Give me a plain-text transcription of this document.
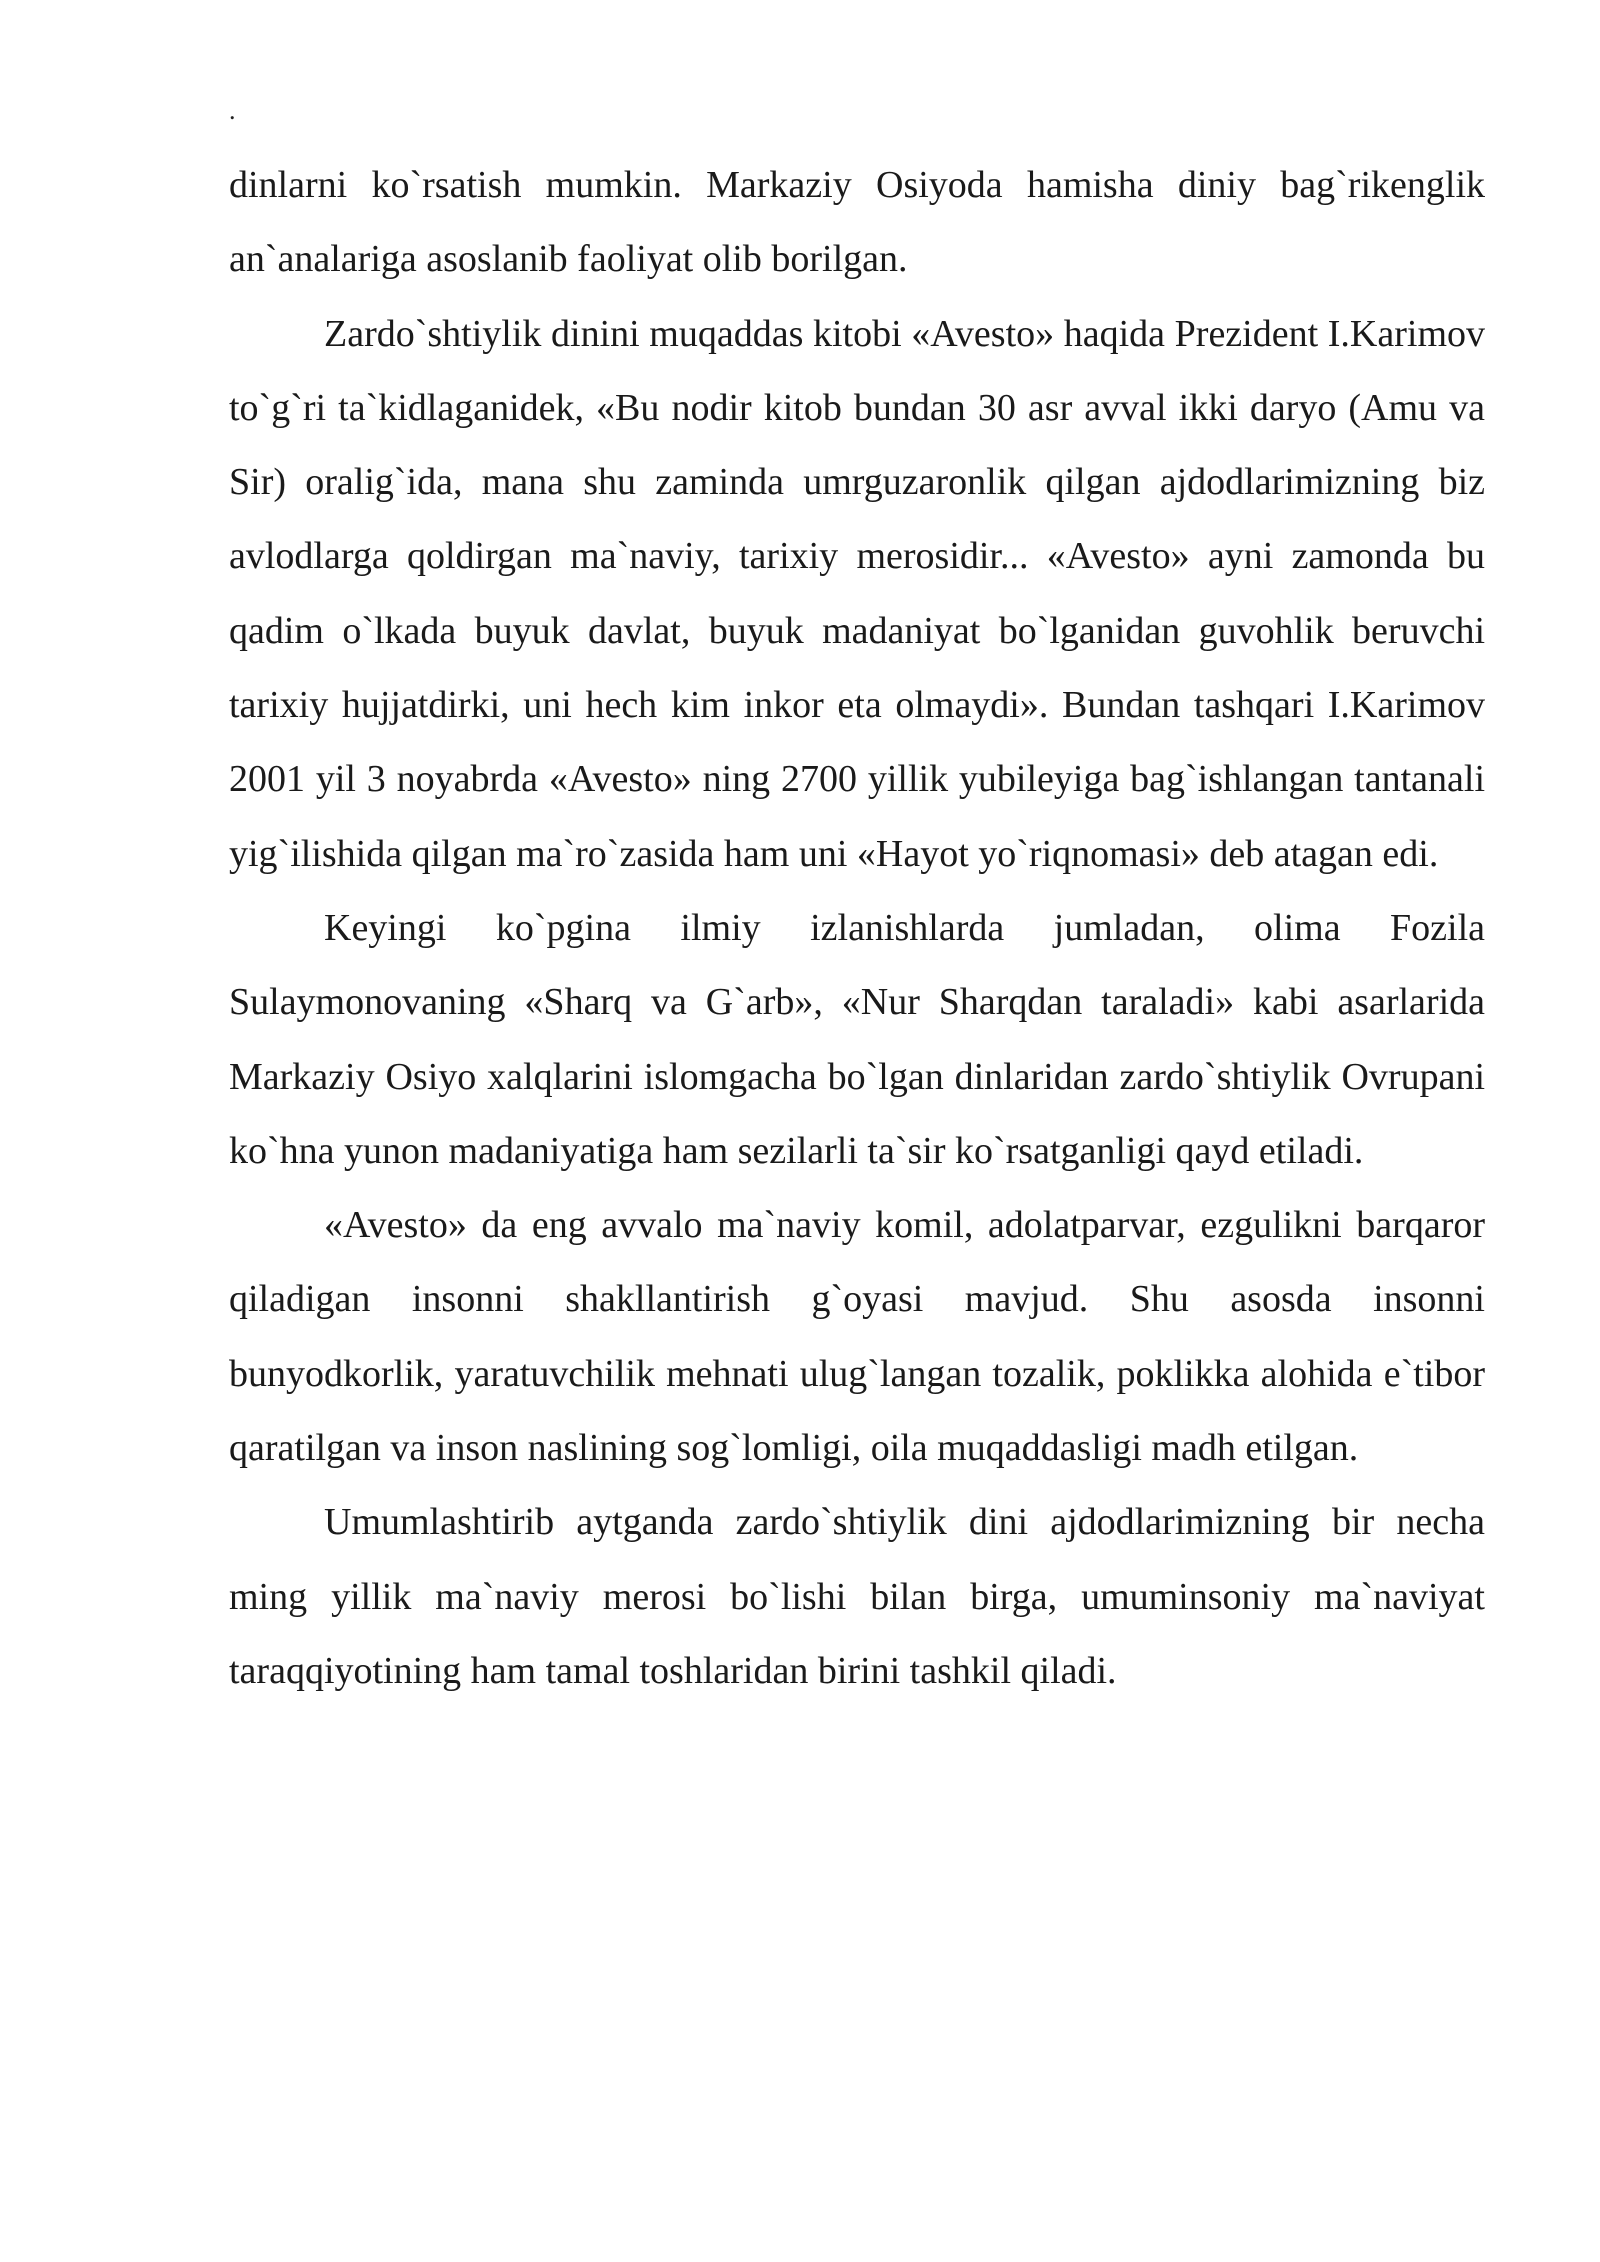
.

dinlarni ko`rsatish mumkin. Markaziy Osiyoda hamisha diniy bag`rikenglik an`analariga asoslanib faoliyat olib borilgan.

Zardo`shtiylik dinini muqaddas kitobi «Avesto» haqida Prezident I.Karimov to`g`ri ta`kidlaganidek, «Bu nodir kitob bundan 30 asr avval ikki daryo (Amu va Sir) oralig`ida, mana shu zaminda umrguzaronlik qilgan ajdodlarimizning biz avlodlarga qoldirgan ma`naviy, tarixiy merosidir... «Avesto» ayni zamonda bu qadim o`lkada buyuk davlat, buyuk madaniyat bo`lganidan guvohlik beruvchi tarixiy hujjatdirki, uni hech kim inkor eta olmaydi». Bundan tashqari I.Karimov 2001 yil 3 noyabrda «Avesto» ning 2700 yillik yubileyiga bag`ishlangan tantanali yig`ilishida qilgan ma`ro`zasida ham uni «Hayot yo`riqnomasi» deb atagan edi.

Keyingi ko`pgina ilmiy izlanishlarda jumladan, olima Fozila Sulaymonovaning «Sharq va G`arb», «Nur Sharqdan taraladi» kabi asarlarida Markaziy Osiyo xalqlarini islomgacha bo`lgan dinlaridan zardo`shtiylik Ovrupani ko`hna yunon madaniyatiga ham sezilarli ta`sir ko`rsatganligi qayd etiladi.

«Avesto» da eng avvalo ma`naviy komil, adolatparvar, ezgulikni barqaror qiladigan insonni shakllantirish g`oyasi mavjud. Shu asosda insonni bunyodkorlik, yaratuvchilik mehnati ulug`langan tozalik, poklikka alohida e`tibor qaratilgan va inson naslining sog`lomligi, oila muqaddasligi madh etilgan.

Umumlashtirib aytganda zardo`shtiylik dini ajdodlarimizning bir necha ming yillik ma`naviy merosi bo`lishi bilan birga, umuminsoniy ma`naviyat taraqqiyotining ham tamal toshlaridan birini tashkil qiladi.
